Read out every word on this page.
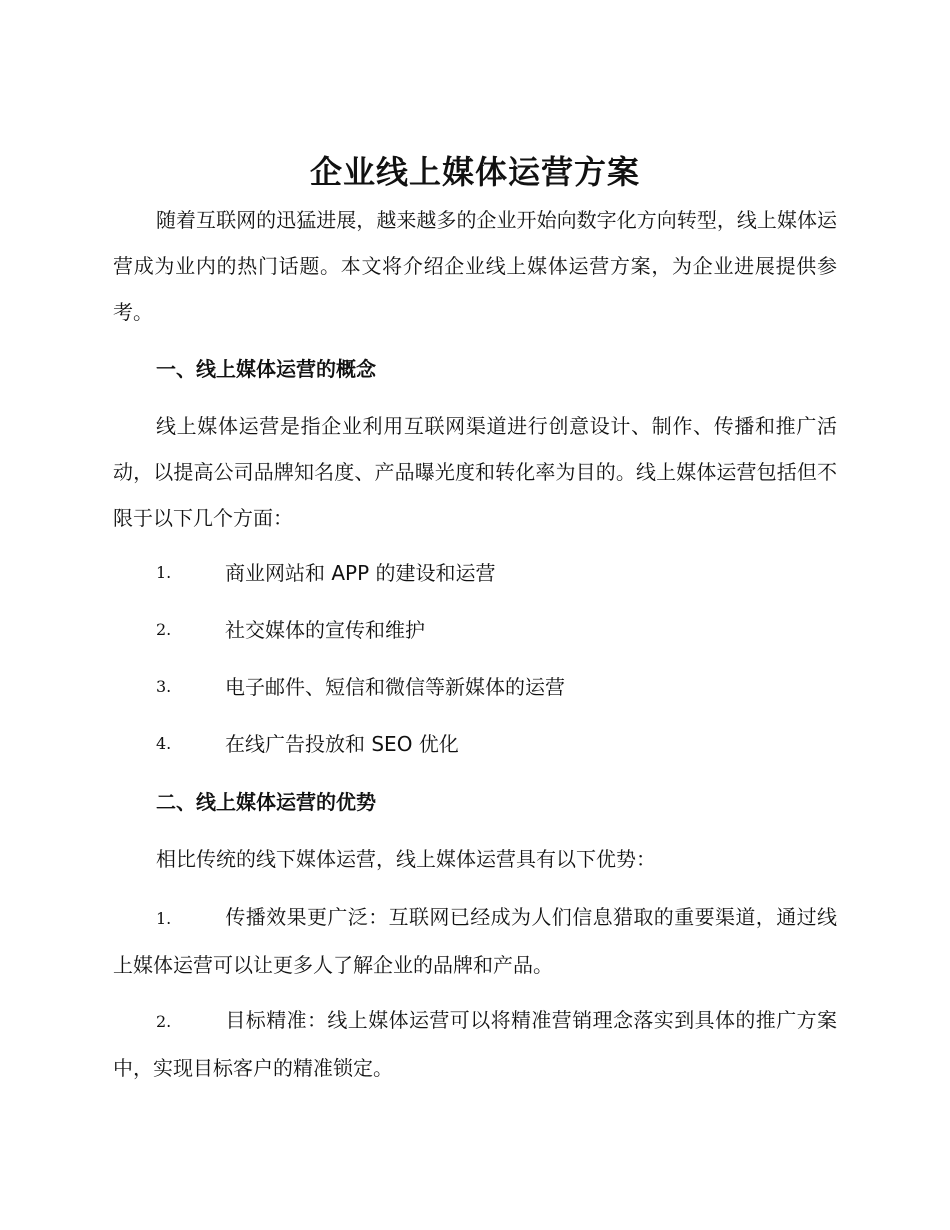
企业线上媒体运营方案

随着互联网的迅猛进展，越来越多的企业开始向数字化方向转型，线上媒体运营成为业内的热门话题。本文将介绍企业线上媒体运营方案，为企业进展提供参考。

一、线上媒体运营的概念

线上媒体运营是指企业利用互联网渠道进行创意设计、制作、传播和推广活动，以提高公司品牌知名度、产品曝光度和转化率为目的。线上媒体运营包括但不限于以下几个方面：

1.	商业网站和 APP 的建设和运营
2.	社交媒体的宣传和维护
3.	电子邮件、短信和微信等新媒体的运营
4.	在线广告投放和 SEO 优化

二、线上媒体运营的优势

相比传统的线下媒体运营，线上媒体运营具有以下优势：

1.	传播效果更广泛：互联网已经成为人们信息猎取的重要渠道，通过线上媒体运营可以让更多人了解企业的品牌和产品。

2.	目标精准：线上媒体运营可以将精准营销理念落实到具体的推广方案中，实现目标客户的精准锁定。
